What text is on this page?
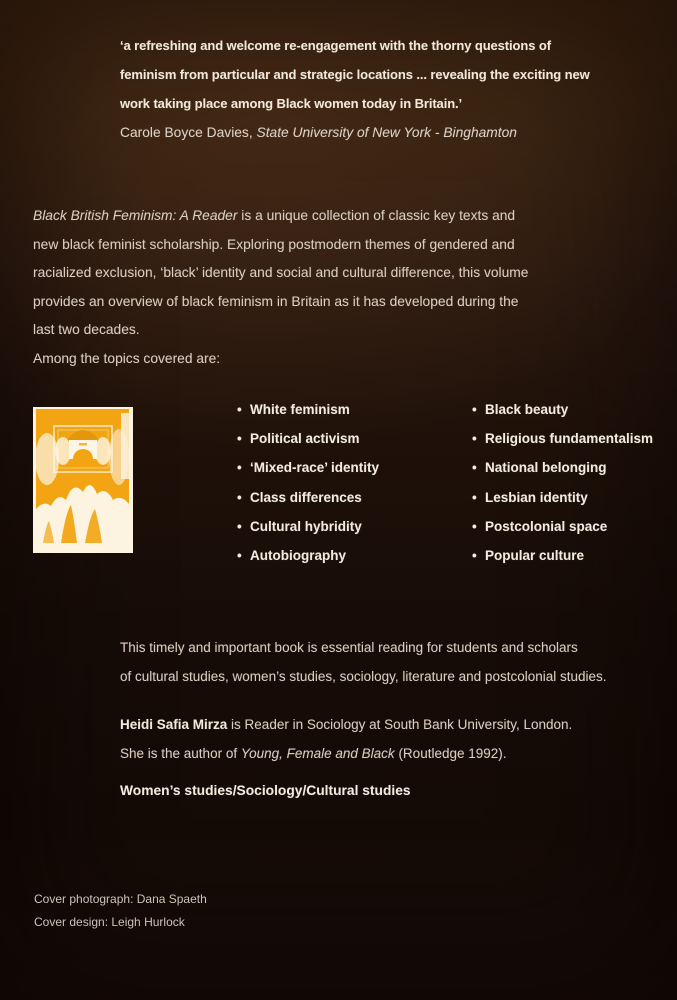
‘a refreshing and welcome re-engagement with the thorny questions of
feminism from particular and strategic locations ... revealing the exciting new
work taking place among Black women today in Britain.’
Carole Boyce Davies, State University of New York - Binghamton
Black British Feminism: A Reader is a unique collection of classic key texts and
new black feminist scholarship. Exploring postmodern themes of gendered and
racialized exclusion, ‘black’ identity and social and cultural difference, this volume
provides an overview of black feminism in Britain as it has developed during the
last two decades.
Among the topics covered are:
• White feminism
• Political activism
• ‘Mixed-race’ identity
• Class differences
• Cultural hybridity
• Autobiography
• Black beauty
• Religious fundamentalism
• National belonging
• Lesbian identity
• Postcolonial space
• Popular culture
This timely and important book is essential reading for students and scholars
of cultural studies, women’s studies, sociology, literature and postcolonial studies.
Heidi Safia Mirza is Reader in Sociology at South Bank University, London.
She is the author of Young, Female and Black (Routledge 1992).
Women’s studies/Sociology/Cultural studies
Cover photograph: Dana Spaeth
Cover design: Leigh Hurlock
